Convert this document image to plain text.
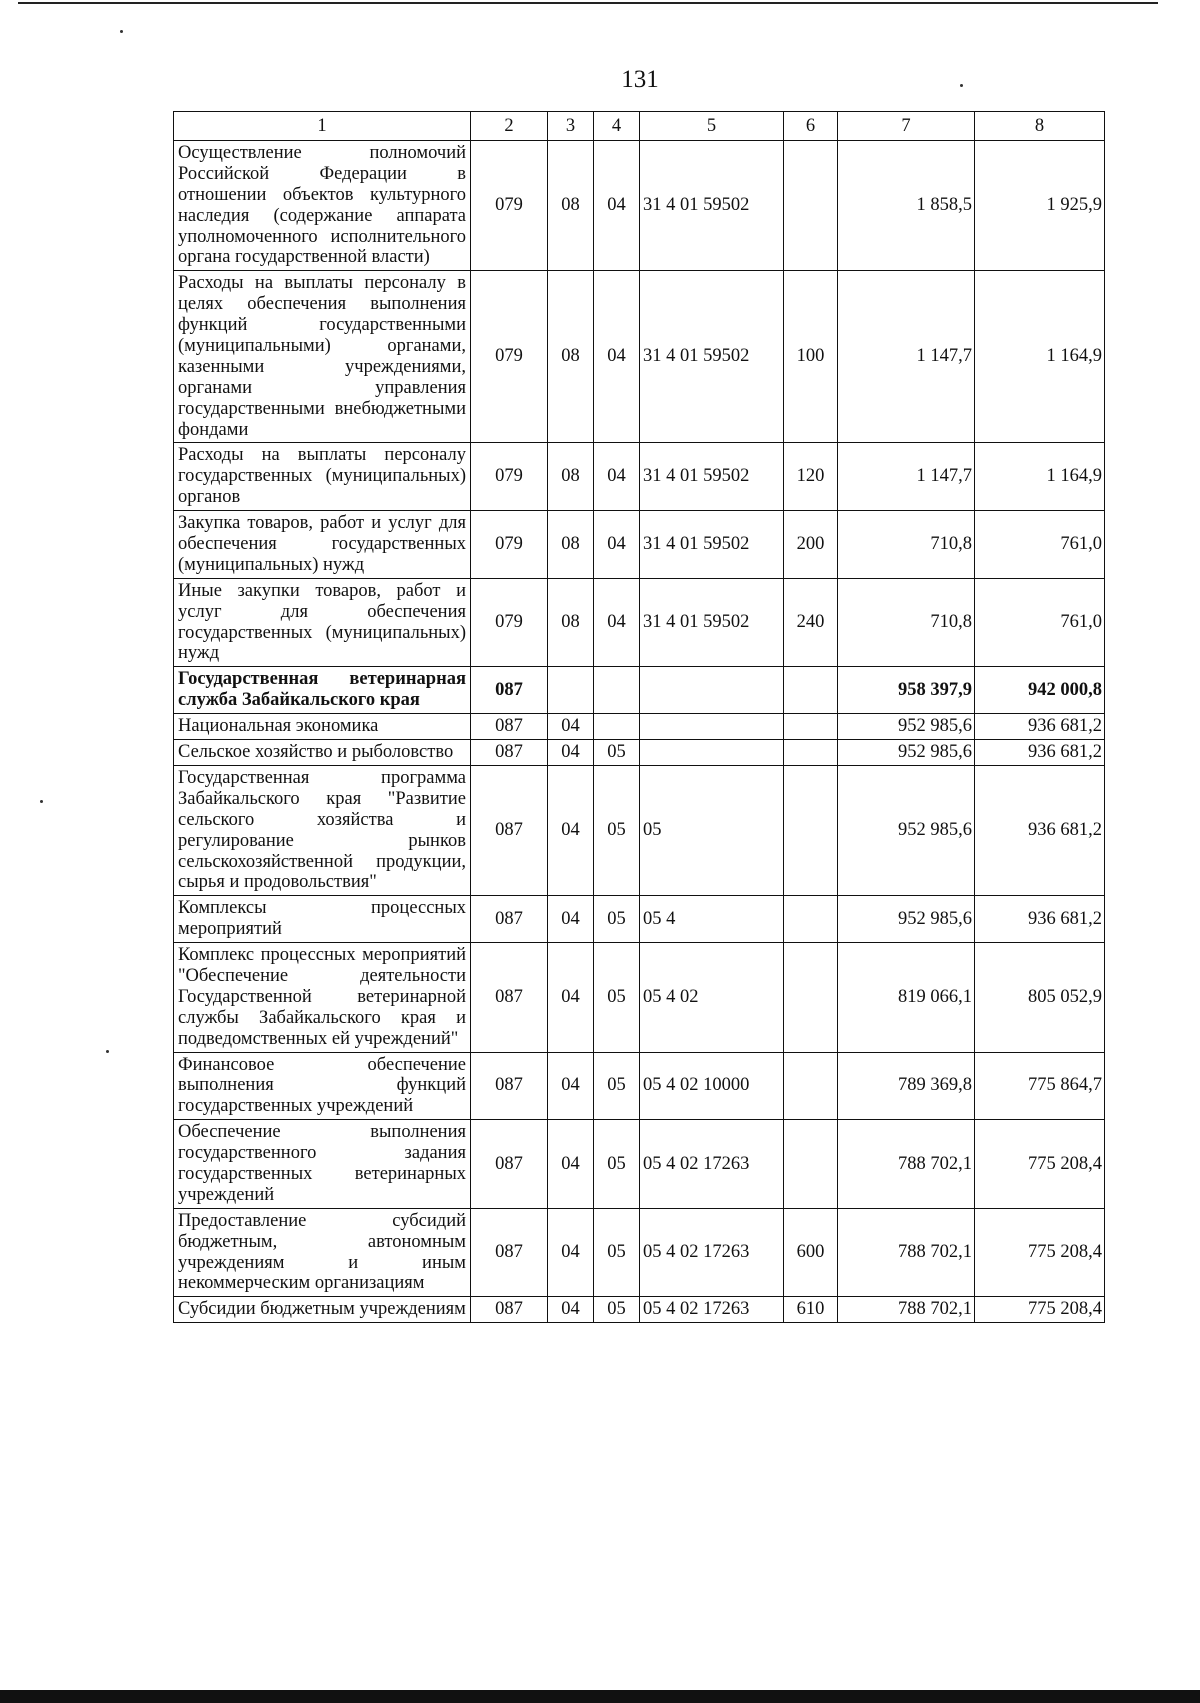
131
1	2	3	4	5	6	7	8
Осуществление полномочий Российской Федерации в отношении объектов культурного наследия (содержание аппарата уполномоченного исполнительного органа государственной власти)	079	08	04	31 4 01 59502		1 858,5	1 925,9
Расходы на выплаты персоналу в целях обеспечения выполнения функций государственными (муниципальными) органами, казенными учреждениями, органами управления государственными внебюджетными фондами	079	08	04	31 4 01 59502	100	1 147,7	1 164,9
Расходы на выплаты персоналу государственных (муниципальных) органов	079	08	04	31 4 01 59502	120	1 147,7	1 164,9
Закупка товаров, работ и услуг для обеспечения государственных (муниципальных) нужд	079	08	04	31 4 01 59502	200	710,8	761,0
Иные закупки товаров, работ и услуг для обеспечения государственных (муниципальных) нужд	079	08	04	31 4 01 59502	240	710,8	761,0
Государственная ветеринарная служба Забайкальского края	087					958 397,9	942 000,8
Национальная экономика	087	04				952 985,6	936 681,2
Сельское хозяйство и рыболовство	087	04	05			952 985,6	936 681,2
Государственная программа Забайкальского края "Развитие сельского хозяйства и регулирование рынков сельскохозяйственной продукции, сырья и продовольствия"	087	04	05	05		952 985,6	936 681,2
Комплексы процессных мероприятий	087	04	05	05 4		952 985,6	936 681,2
Комплекс процессных мероприятий "Обеспечение деятельности Государственной ветеринарной службы Забайкальского края и подведомственных ей учреждений"	087	04	05	05 4 02		819 066,1	805 052,9
Финансовое обеспечение выполнения функций государственных учреждений	087	04	05	05 4 02 10000		789 369,8	775 864,7
Обеспечение выполнения государственного задания государственных ветеринарных учреждений	087	04	05	05 4 02 17263		788 702,1	775 208,4
Предоставление субсидий бюджетным, автономным учреждениям и иным некоммерческим организациям	087	04	05	05 4 02 17263	600	788 702,1	775 208,4
Субсидии бюджетным учреждениям	087	04	05	05 4 02 17263	610	788 702,1	775 208,4
